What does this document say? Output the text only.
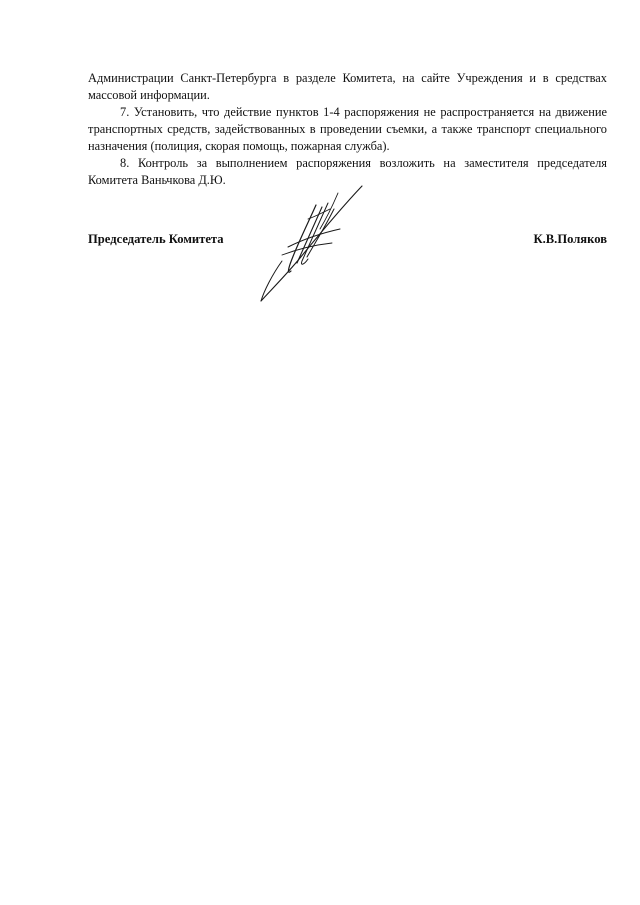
Администрации Санкт-Петербурга в разделе Комитета, на сайте Учреждения и в средствах массовой информации.

7. Установить, что действие пунктов 1-4 распоряжения не распространяется на движение транспортных средств, задействованных в проведении съемки, а также транспорт специального назначения (полиция, скорая помощь, пожарная служба).

8. Контроль за выполнением распоряжения возложить на заместителя председателя Комитета Ваньчкова Д.Ю.

Председатель Комитета	К.В.Поляков
